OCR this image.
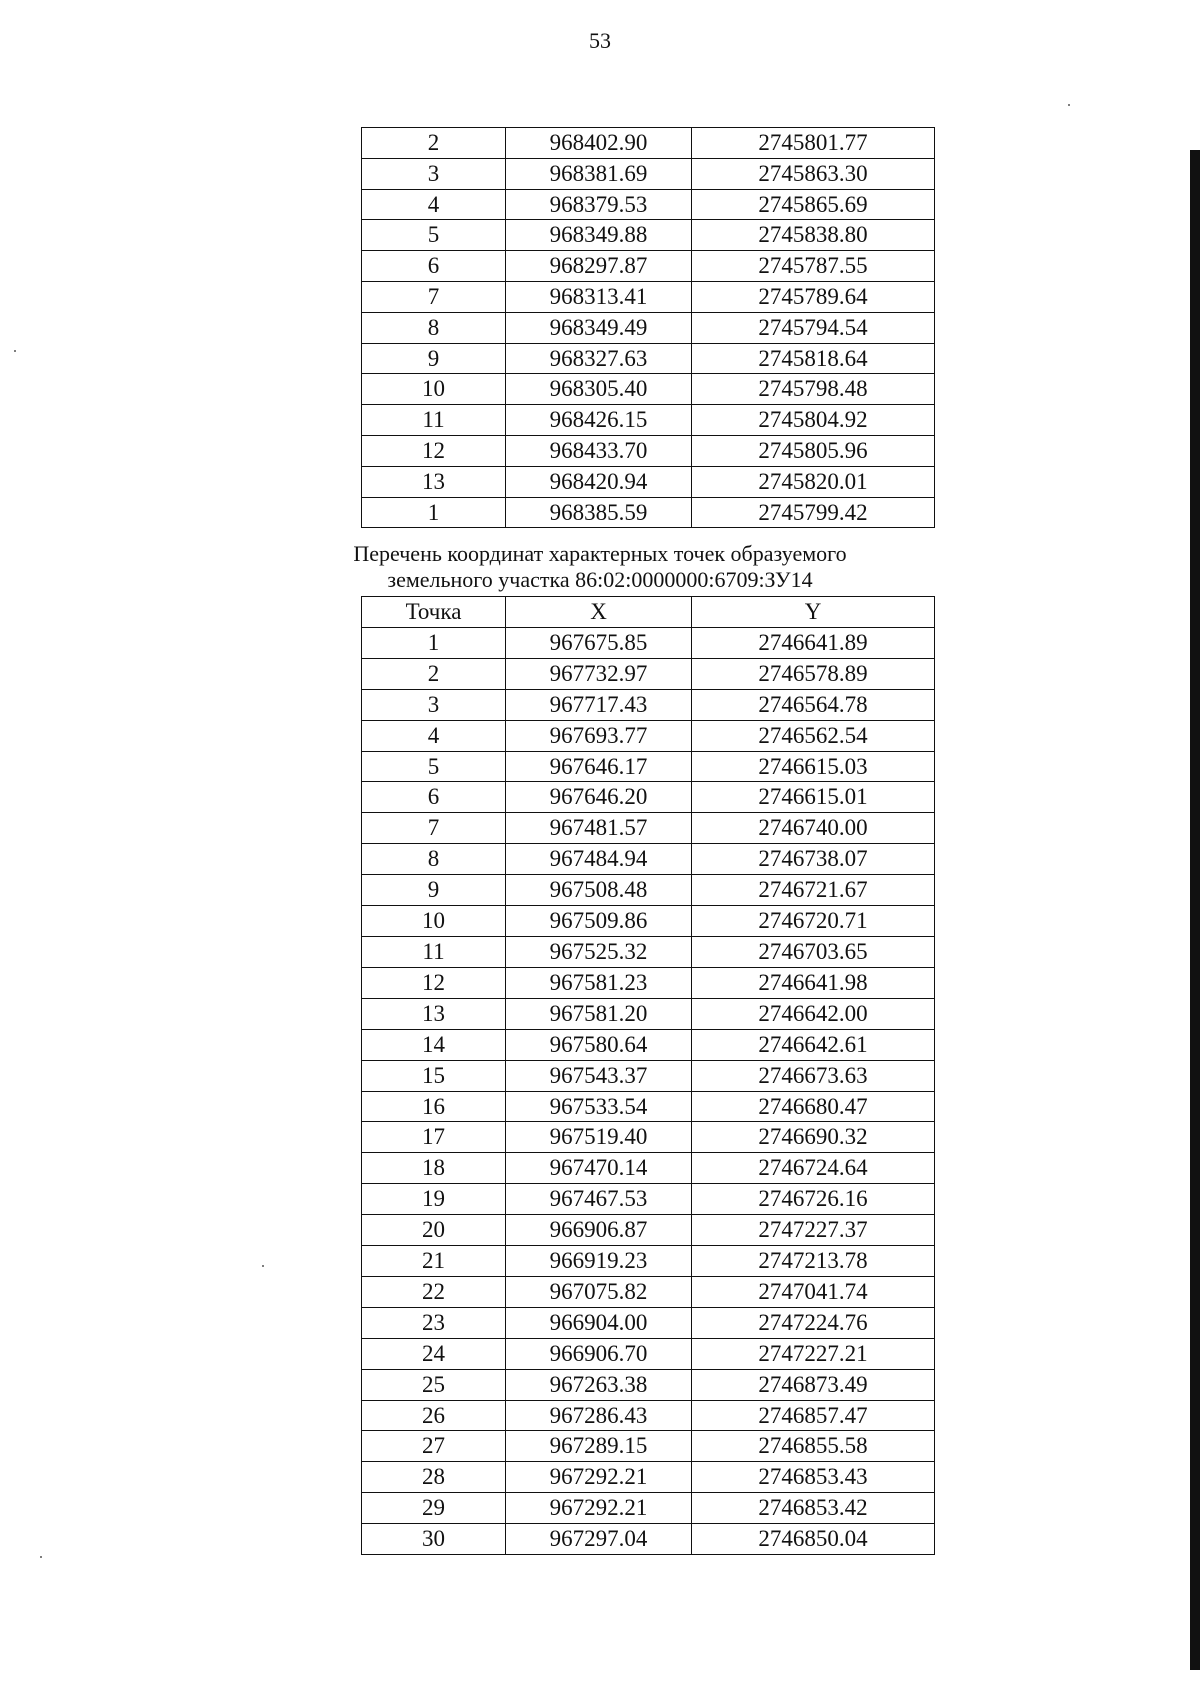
53
2	968402.90	2745801.77
3	968381.69	2745863.30
4	968379.53	2745865.69
5	968349.88	2745838.80
6	968297.87	2745787.55
7	968313.41	2745789.64
8	968349.49	2745794.54
9	968327.63	2745818.64
10	968305.40	2745798.48
11	968426.15	2745804.92
12	968433.70	2745805.96
13	968420.94	2745820.01
1	968385.59	2745799.42
Перечень координат характерных точек образуемого
земельного участка 86:02:0000000:6709:ЗУ14
Точка	X	Y
1	967675.85	2746641.89
2	967732.97	2746578.89
3	967717.43	2746564.78
4	967693.77	2746562.54
5	967646.17	2746615.03
6	967646.20	2746615.01
7	967481.57	2746740.00
8	967484.94	2746738.07
9	967508.48	2746721.67
10	967509.86	2746720.71
11	967525.32	2746703.65
12	967581.23	2746641.98
13	967581.20	2746642.00
14	967580.64	2746642.61
15	967543.37	2746673.63
16	967533.54	2746680.47
17	967519.40	2746690.32
18	967470.14	2746724.64
19	967467.53	2746726.16
20	966906.87	2747227.37
21	966919.23	2747213.78
22	967075.82	2747041.74
23	966904.00	2747224.76
24	966906.70	2747227.21
25	967263.38	2746873.49
26	967286.43	2746857.47
27	967289.15	2746855.58
28	967292.21	2746853.43
29	967292.21	2746853.42
30	967297.04	2746850.04
